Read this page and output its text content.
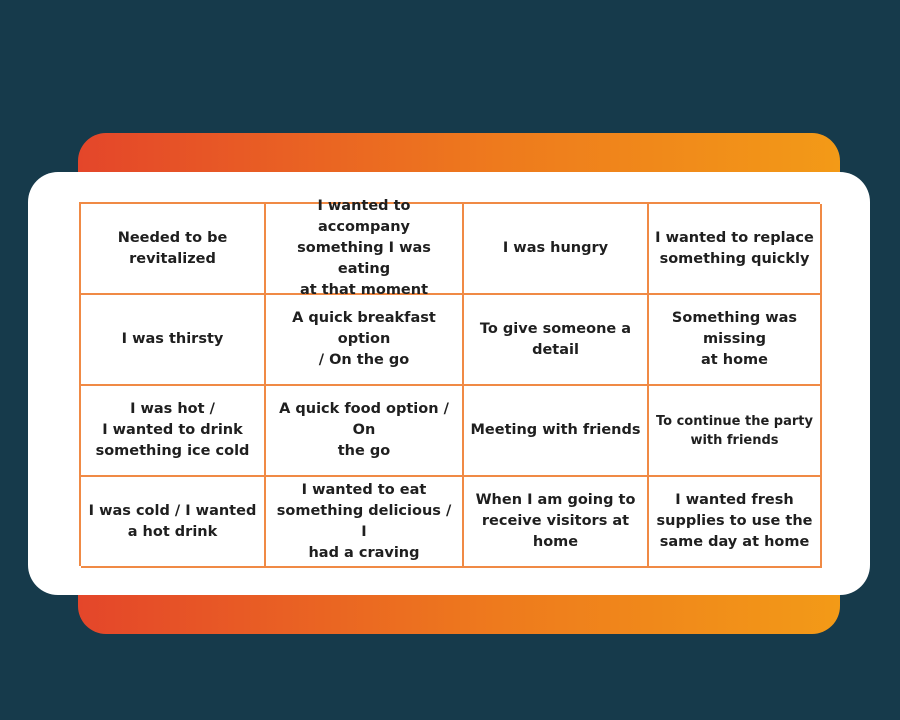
Needed to be
revitalized
I wanted to accompany
something I was eating
at that moment
I was hungry
I wanted to replace
something quickly
I was thirsty
A quick breakfast option
/ On the go
To give someone a
detail
Something was
missing
at home
I was hot /
I wanted to drink
something ice cold
A quick food option / On
the go
Meeting with friends
To continue the party
with friends
I was cold / I wanted
a hot drink
I wanted to eat
something delicious / I
had a craving
When I am going to
receive visitors at
home
I wanted fresh
supplies to use the
same day at home
